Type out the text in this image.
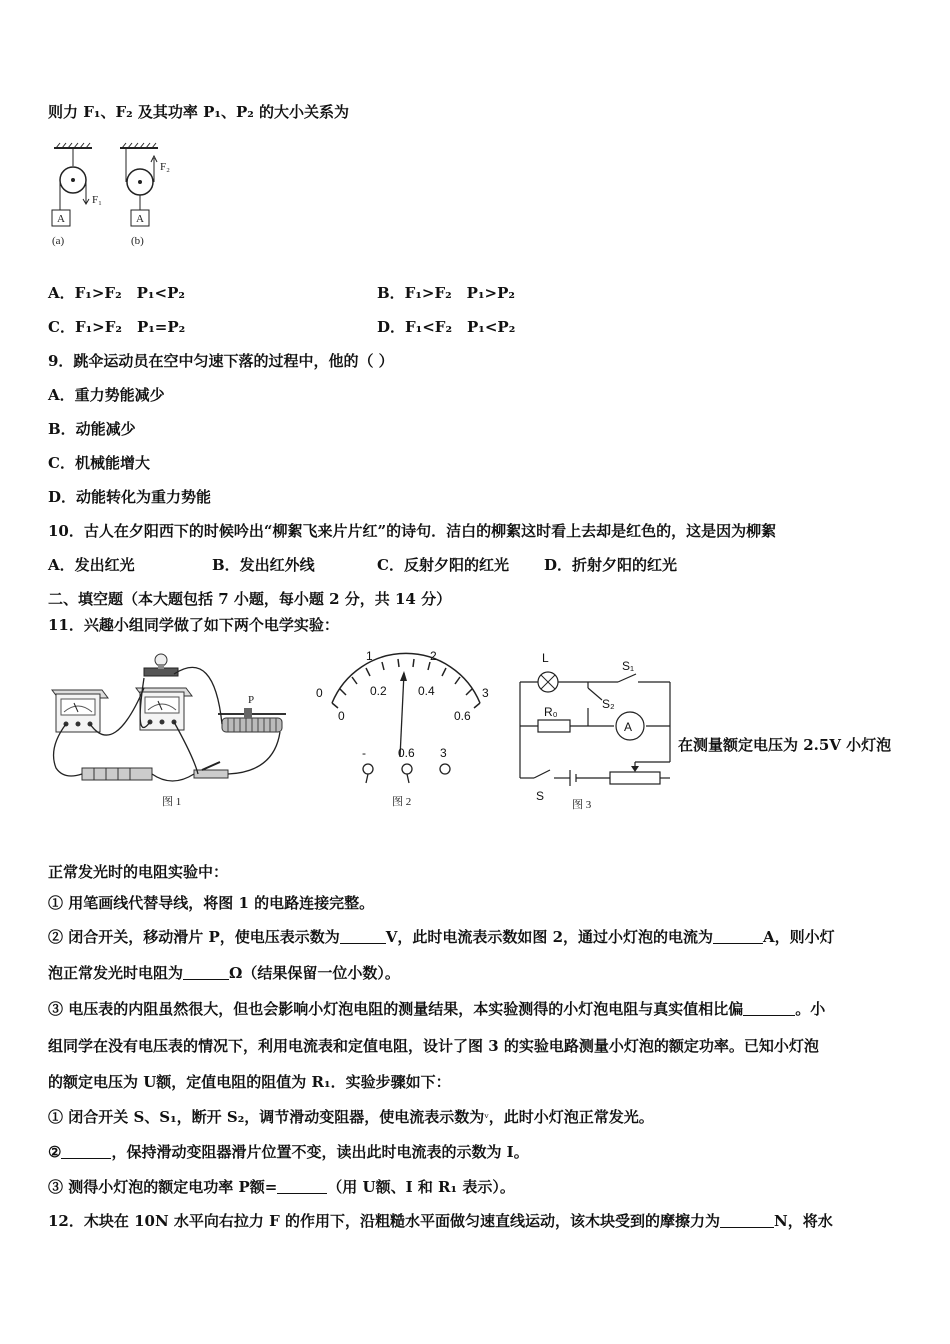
则力 F₁、F₂ 及其功率 P₁、P₂ 的大小关系为
F₁
A
(a)
F₂
A
(b)
A．F₁>F₂　P₁<P₂	B．F₁>F₂　P₁>P₂
C．F₁>F₂　P₁=P₂	D．F₁<F₂　P₁<P₂
9．跳伞运动员在空中匀速下落的过程中，他的（ ）
A．重力势能减少
B．动能减少
C．机械能增大
D．动能转化为重力势能
10．古人在夕阳西下的时候吟出“柳絮飞来片片红”的诗句．洁白的柳絮这时看上去却是红色的，这是因为柳絮
A．发出红光	B．发出红外线	C．反射夕阳的红光 D．折射夕阳的红光
二、填空题（本大题包括 7 小题，每小题 2 分，共 14 分）
11．兴趣小组同学做了如下两个电学实验：
P
图 1
1	2
3
0
0
0.2	0.4
0.6
-	0.6 3
图 2
A
L
S₁
S₂
R₀
S
图 3
在测量额定电压为 2.5V 小灯泡
正常发光时的电阻实验中：
① 用笔画线代替导线，将图 1 的电路连接完整。
② 闭合开关，移动滑片 P，使电压表示数为	V，此时电流表示数如图 2，通过小灯泡的电流为	A，则小灯
泡正常发光时电阻为	Ω（结果保留一位小数）。
③ 电压表的内阻虽然很大，但也会影响小灯泡电阻的测量结果，本实验测得的小灯泡电阻与真实值相比偏	。小
组同学在没有电压表的情况下，利用电流表和定值电阻，设计了图 3 的实验电路测量小灯泡的额定功率。已知小灯泡
的额定电压为 U额，定值电阻的阻值为 R₁．实验步骤如下：
① 闭合开关 S、S₁，断开 S₂，调节滑动变阻器，使电流表示数为ᵛ，此时小灯泡正常发光。
②	，保持滑动变阻器滑片位置不变，读出此时电流表的示数为 I。
③ 测得小灯泡的额定电功率 P额=	（用 U额、I 和 R₁ 表示）。
12．木块在 10N 水平向右拉力 F 的作用下，沿粗糙水平面做匀速直线运动，该木块受到的摩擦力为	N，将水
